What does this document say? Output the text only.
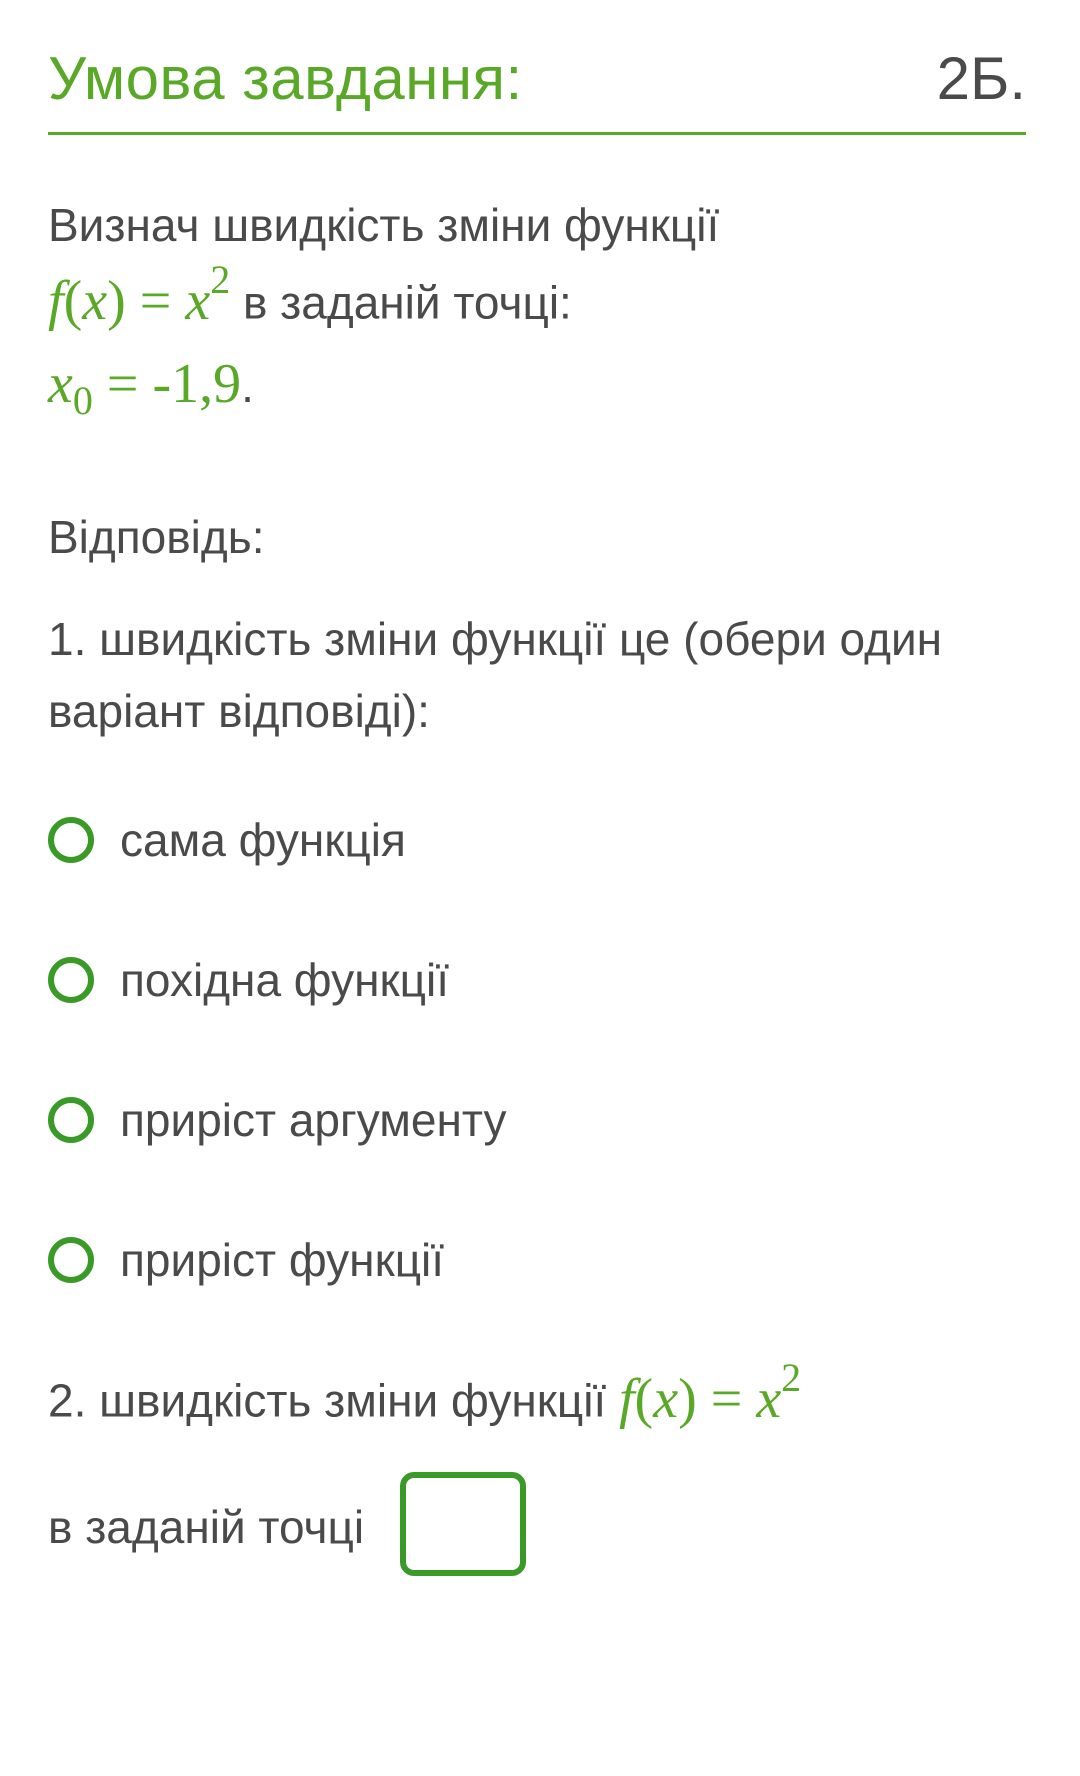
Умова завдання:	2Б.
Визнач швидкість зміни функції
$f(x) = x^2$ в заданій точці:
$x_0 = -1,9$.
Відповідь:
1. швидкість зміни функції це (обери один
варіант відповіді):
сама функція
похідна функції
приріст аргументу
приріст функції
2. швидкість зміни функції $f(x) = x^2$
в заданій точці
